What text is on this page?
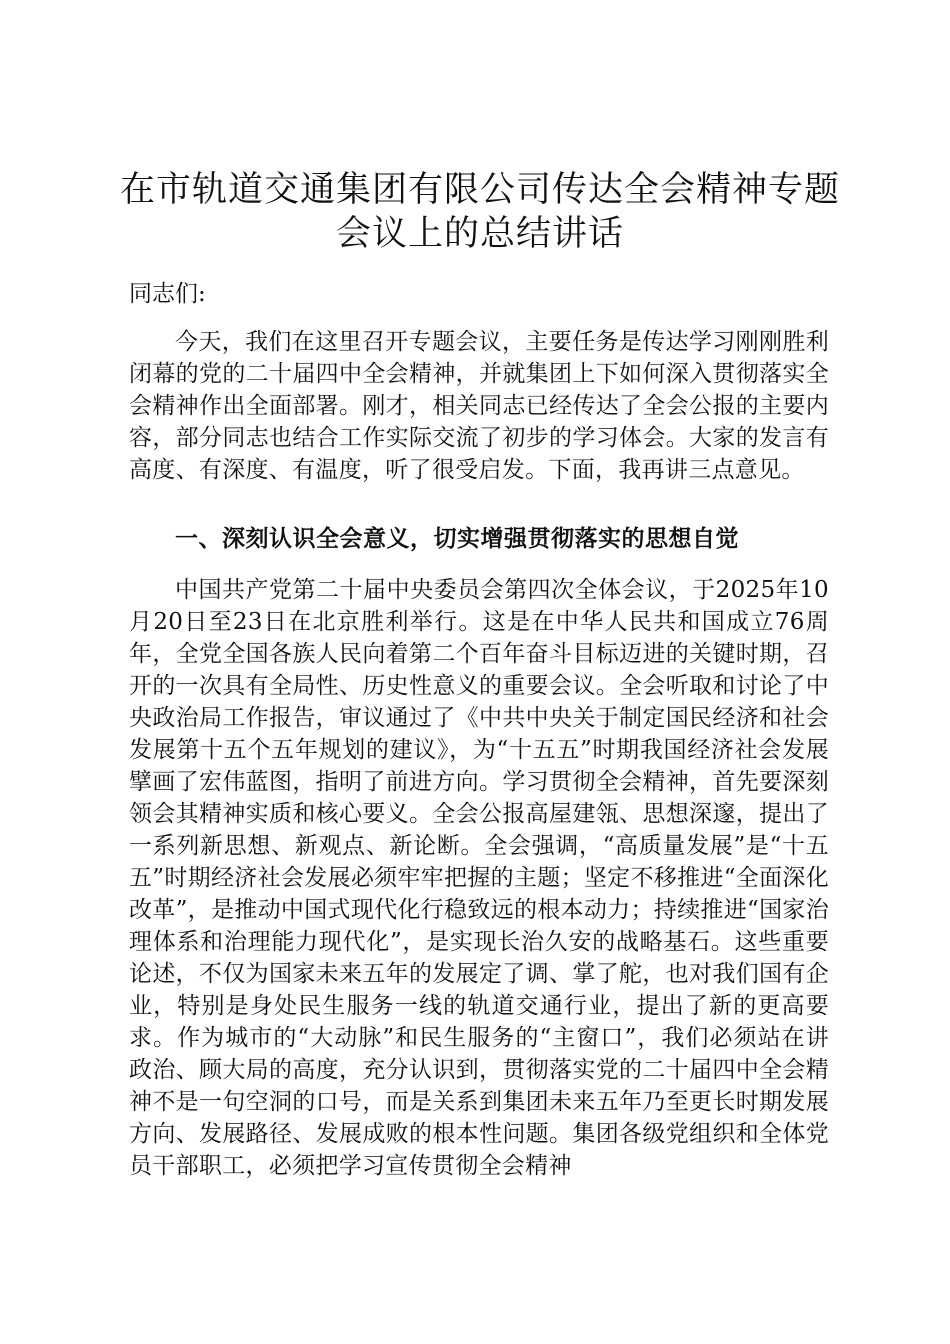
在市轨道交通集团有限公司传达全会精神专题会议上的总结讲话

同志们:

今天，我们在这里召开专题会议，主要任务是传达学习刚刚胜利闭幕的党的二十届四中全会精神，并就集团上下如何深入贯彻落实全会精神作出全面部署。刚才，相关同志已经传达了全会公报的主要内容，部分同志也结合工作实际交流了初步的学习体会。大家的发言有高度、有深度、有温度，听了很受启发。下面，我再讲三点意见。

一、深刻认识全会意义，切实增强贯彻落实的思想自觉

中国共产党第二十届中央委员会第四次全体会议，于2025年10月20日至23日在北京胜利举行。这是在中华人民共和国成立76周年，全党全国各族人民向着第二个百年奋斗目标迈进的关键时期，召开的一次具有全局性、历史性意义的重要会议。全会听取和讨论了中央政治局工作报告，审议通过了《中共中央关于制定国民经济和社会发展第十五个五年规划的建议》，为“十五五”时期我国经济社会发展擘画了宏伟蓝图，指明了前进方向。学习贯彻全会精神，首先要深刻领会其精神实质和核心要义。全会公报高屋建瓴、思想深邃，提出了一系列新思想、新观点、新论断。全会强调，“高质量发展”是“十五五”时期经济社会发展必须牢牢把握的主题；坚定不移推进“全面深化改革”，是推动中国式现代化行稳致远的根本动力；持续推进“国家治理体系和治理能力现代化”，是实现长治久安的战略基石。这些重要论述，不仅为国家未来五年的发展定了调、掌了舵，也对我们国有企业，特别是身处民生服务一线的轨道交通行业，提出了新的更高要求。作为城市的“大动脉”和民生服务的“主窗口”，我们必须站在讲政治、顾大局的高度，充分认识到，贯彻落实党的二十届四中全会精神不是一句空洞的口号，而是关系到集团未来五年乃至更长时期发展方向、发展路径、发展成败的根本性问题。集团各级党组织和全体党员干部职工，必须把学习宣传贯彻全会精神
